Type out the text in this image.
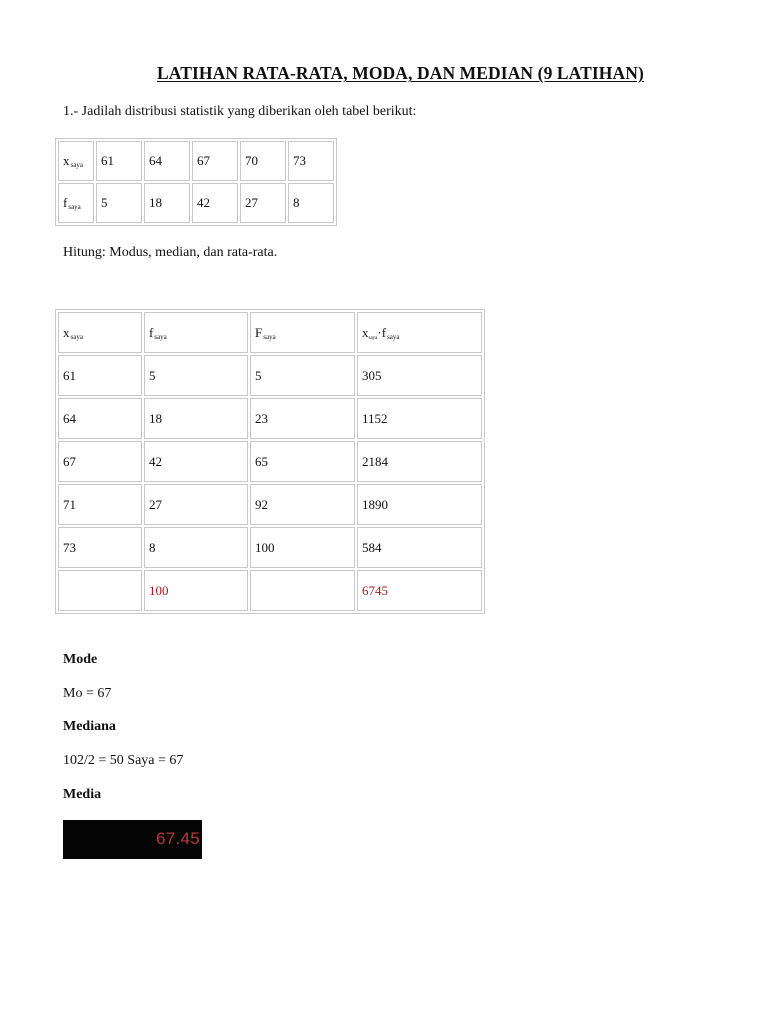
LATIHAN RATA-RATA, MODA, DAN MEDIAN (9 LATIHAN)
1.- Jadilah distribusi statistik yang diberikan oleh tabel berikut:
$x_{saya}$	61	64	67	70	73
$f_{saya}$	5	18	42	27	8
Hitung: Modus, median, dan rata-rata.
$x_{saya}$	$f_{saya}$	$F_{saya}$	$xsaya\cdot f_{saya}$
61	5	5	305
64	18	23	1152
67	42	65	2184
71	27	92	1890
73	8	100	584
	100		6745
Mode
Mo = 67
Mediana
102/2 = 50 Saya = 67
Media
67.45
